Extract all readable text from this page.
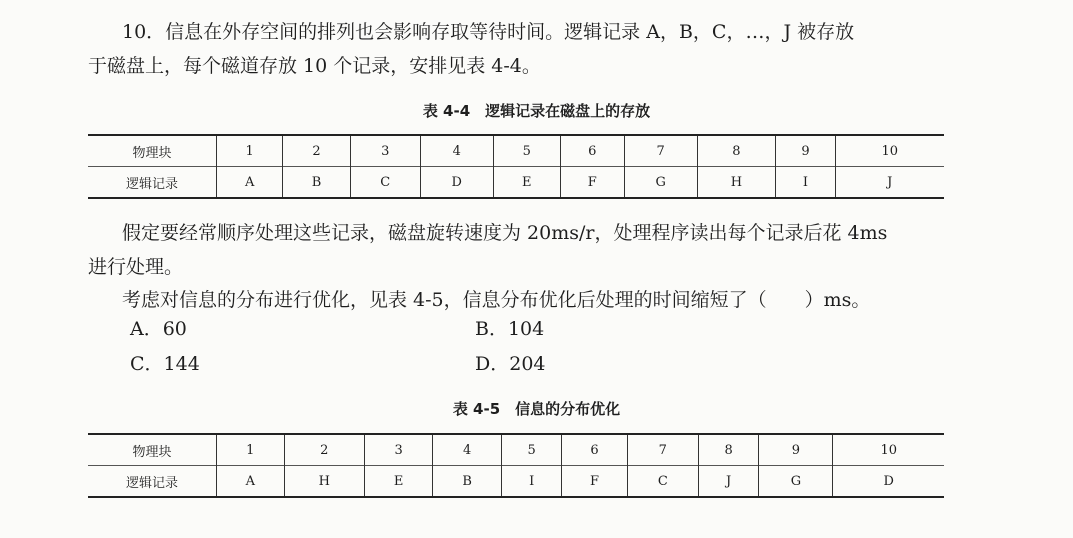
10．信息在外存空间的排列也会影响存取等待时间。逻辑记录 A，B，C，…，J 被存放

于磁盘上，每个磁道存放 10 个记录，安排见表 4-4。

表 4-4　逻辑记录在磁盘上的存放
物理块	1	2	3	4	5	6	7	8	9	10
逻辑记录	A	B	C	D	E	F	G	H	I	J

假定要经常顺序处理这些记录，磁盘旋转速度为 20ms/r，处理程序读出每个记录后花 4ms

进行处理。

考虑对信息的分布进行优化，见表 4-5，信息分布优化后处理的时间缩短了（　　）ms。

A．60	B．104
C．144	D．204
表 4-5　信息的分布优化
物理块	1	2	3	4	5	6	7	8	9	10
逻辑记录	A	H	E	B	I	F	C	J	G	D
